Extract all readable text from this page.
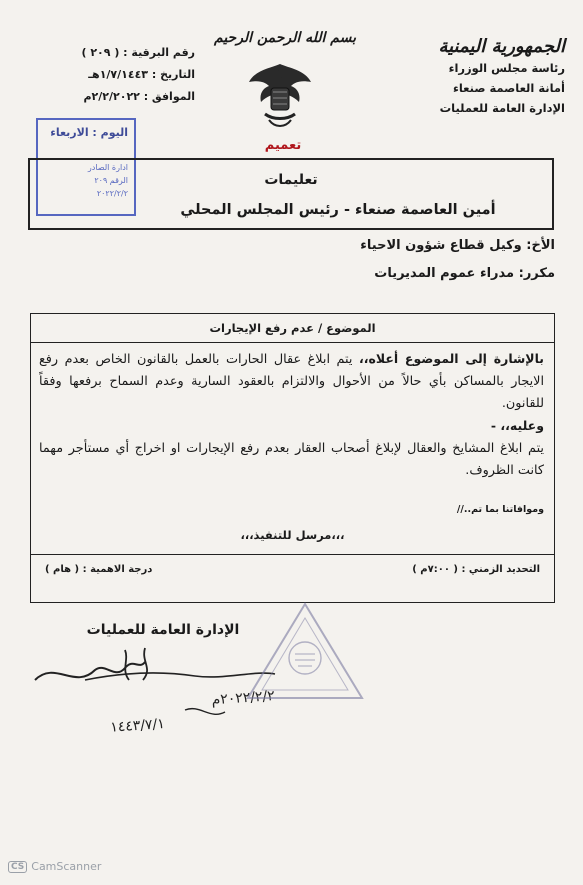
الجمهورية اليمنية
رئاسة مجلس الوزراء
أمانة العاصمة صنعاء
الإدارة العامة للعمليات
بسم الله الرحمن الرحيم
تعميم
رقم البرقية : ( ٢٠٩ )
التاريخ : ١/٧/١٤٤٣هـ
الموافق : ٢/٢/٢٠٢٢م
اليوم : الاربعاء
ادارة الصادر
الرقم ٢٠٩
٢٠٢٢/٢/٢
تعليمات
أمين العاصمة صنعاء - رئيس المجلس المحلي
الأخ: وكيل قطاع شؤون الاحياء
مكرر: مدراء عموم المديريات
الموضوع / عدم رفع الإيجارات
بالإشارة إلى الموضوع أعلاه،، يتم ابلاغ عقال الحارات بالعمل بالقانون الخاص بعدم رفع الايجار بالمساكن بأي حالاً من الأحوال والالتزام بالعقود السارية وعدم السماح برفعها وفقاً للقانون.
وعليه،، -
يتم ابلاغ المشايخ والعقال لإبلاغ أصحاب العقار بعدم رفع الإيجارات او اخراج أي مستأجر مهما كانت الظروف.
وموافاتنا بما تم..//
،،،مرسل للتنفيذ،،،
التحديد الزمني : ( ٧:٠٠م )
درجة الاهمية : ( هام )
الإدارة العامة للعمليات
٢٠٢٢/٢/٢م
١٤٤٣/٧/١
CS CamScanner
